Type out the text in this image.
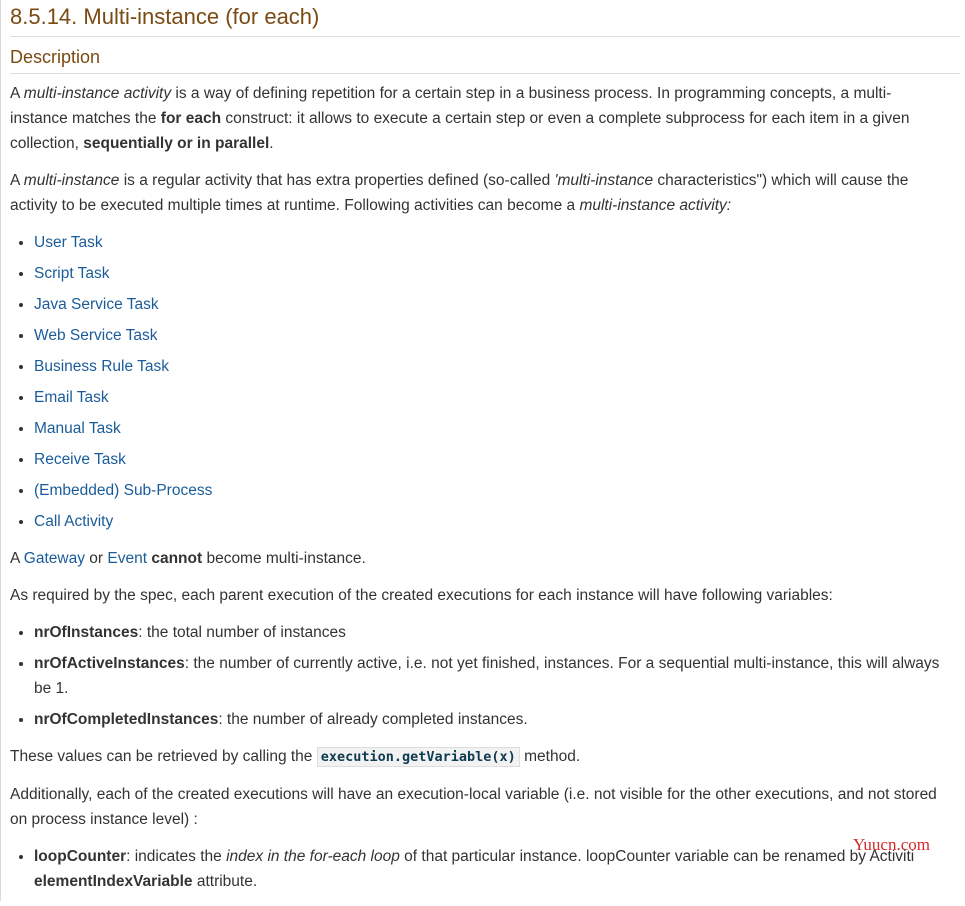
8.5.14. Multi-instance (for each)
Description

A multi-instance activity is a way of defining repetition for a certain step in a business process. In programming concepts, a multi-instance matches the for each construct: it allows to execute a certain step or even a complete subprocess for each item in a given collection, sequentially or in parallel.

A multi-instance is a regular activity that has extra properties defined (so-called 'multi-instance characteristics") which will cause the activity to be executed multiple times at runtime. Following activities can become a multi-instance activity:

• User Task
• Script Task
• Java Service Task
• Web Service Task
• Business Rule Task
• Email Task
• Manual Task
• Receive Task
• (Embedded) Sub-Process
• Call Activity

A Gateway or Event cannot become multi-instance.

As required by the spec, each parent execution of the created executions for each instance will have following variables:

• nrOfInstances: the total number of instances
• nrOfActiveInstances: the number of currently active, i.e. not yet finished, instances. For a sequential multi-instance, this will always be 1.
• nrOfCompletedInstances: the number of already completed instances.

These values can be retrieved by calling the execution.getVariable(x) method.

Additionally, each of the created executions will have an execution-local variable (i.e. not visible for the other executions, and not stored on process instance level) :

• loopCounter: indicates the index in the for-each loop of that particular instance. loopCounter variable can be renamed by Activiti elementIndexVariable attribute.
Yuucn.com
